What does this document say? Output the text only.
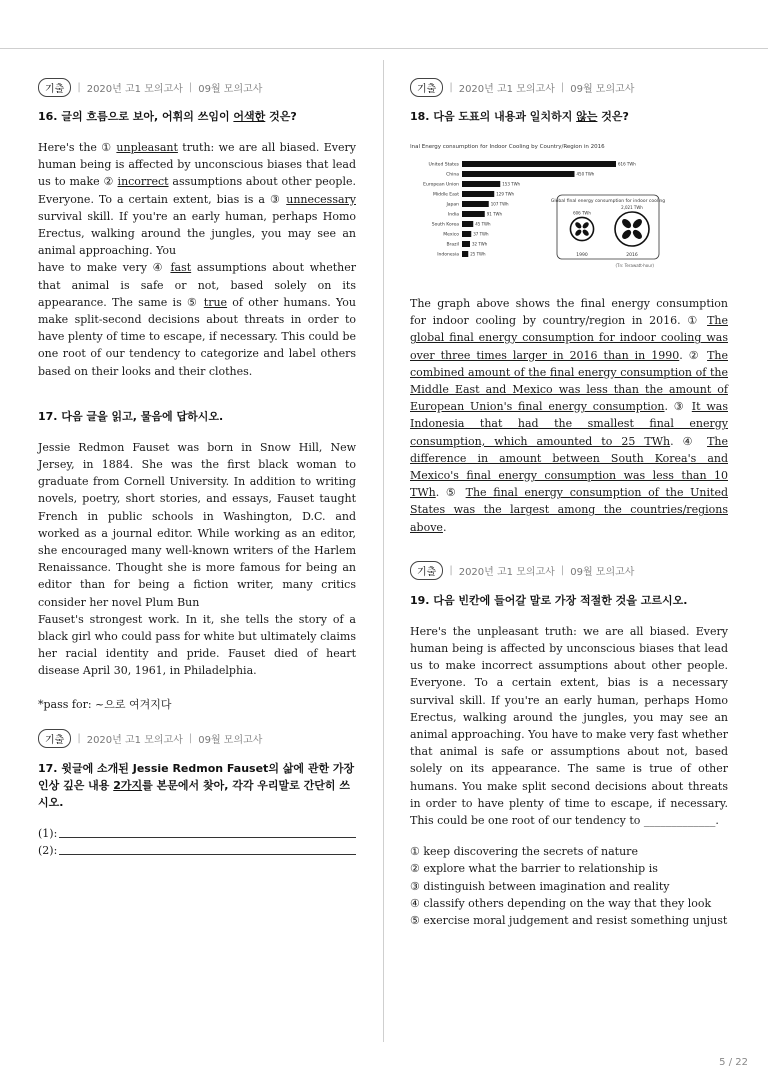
기출	| 2020년 고1 모의고사 | 09월 모의고사

16. 글의 흐름으로 보아, 어휘의 쓰임이 어색한 것은?

Here's the ① unpleasant truth: we are all biased. Every human being is affected by unconscious biases that lead us to make ② incorrect assumptions about other people. Everyone. To a certain extent, bias is a ③ unnecessary survival skill. If you're an early human, perhaps Homo Erectus, walking around the jungles, you may see an animal approaching. You
have to make very ④ fast assumptions about whether that animal is safe or not, based solely on its appearance. The same is ⑤ true of other humans. You make split-second decisions about threats in order to have plenty of time to escape, if necessary. This could be one root of our tendency to categorize and label others based on their looks and their clothes.

17. 다음 글을 읽고, 물음에 답하시오.

Jessie Redmon Fauset was born in Snow Hill, New Jersey, in 1884. She was the first black woman to graduate from Cornell University. In addition to writing novels, poetry, short stories, and essays, Fauset taught French in public schools in Washington, D.C. and worked as a journal editor. While working as an editor, she encouraged many well-known writers of the Harlem Renaissance. Thought she is more famous for being an editor than for being a fiction writer, many critics consider her novel Plum Bun
Fauset's strongest work. In it, she tells the story of a black girl who could pass for white but ultimately claims her racial identity and pride. Fauset died of heart disease April 30, 1961, in Philadelphia.

*pass for: ~으로 여겨지다

기출	| 2020년 고1 모의고사 | 09월 모의고사

17. 윗글에 소개된 Jessie Redmon Fauset의 삶에 관한 가장 인상 깊은 내용 2가지를 본문에서 찾아, 각각 우리말로 간단히 쓰시오.

(1):
(2):
기출	| 2020년 고1 모의고사 | 09월 모의고사

18. 다음 도표의 내용과 일치하지 않는 것은?

Final Energy consumption for Indoor Cooling by Country/Region in 2016
United States	616 TWh
China	450 TWh
European Union	153 TWh
Middle East	129 TWh
Japan	107 TWh
India	91 TWh
South Korea	45 TWh
Mexico	37 TWh
Brazil	32 TWh
Indonesia	25 TWh
Global final energy consumption for indoor cooling
606 TWh
1990
2,021 TWh
2016
(Tn: Terawatt-hour)

The graph above shows the final energy consumption for indoor cooling by country/region in 2016. ① The global final energy consumption for indoor cooling was over three times larger in 2016 than in 1990. ② The combined amount of the final energy consumption of the Middle East and Mexico was less than the amount of European Union's final energy consumption. ③ It was Indonesia that had the smallest final energy consumption, which amounted to 25 TWh. ④ The difference in amount between South Korea's and Mexico's final energy consumption was less than 10 TWh. ⑤ The final energy consumption of the United States was the largest among the countries/regions above.

기출	| 2020년 고1 모의고사 | 09월 모의고사

19. 다음 빈칸에 들어갈 말로 가장 적절한 것을 고르시오.

Here's the unpleasant truth: we are all biased. Every human being is affected by unconscious biases that lead us to make incorrect assumptions about other people. Everyone. To a certain extent, bias is a necessary survival skill. If you're an early human, perhaps Homo Erectus, walking around the jungles, you may see an animal approaching. You have to make very fast whether that animal is safe or assumptions about not, based solely on its appearance. The same is true of other humans. You make split second decisions about threats in order to have plenty of time to escape, if necessary. This could be one root of our tendency to _____________.

① keep discovering the secrets of nature
② explore what the barrier to relationship is
③ distinguish between imagination and reality
④ classify others depending on the way that they look
⑤ exercise moral judgement and resist something unjust
5 / 22
